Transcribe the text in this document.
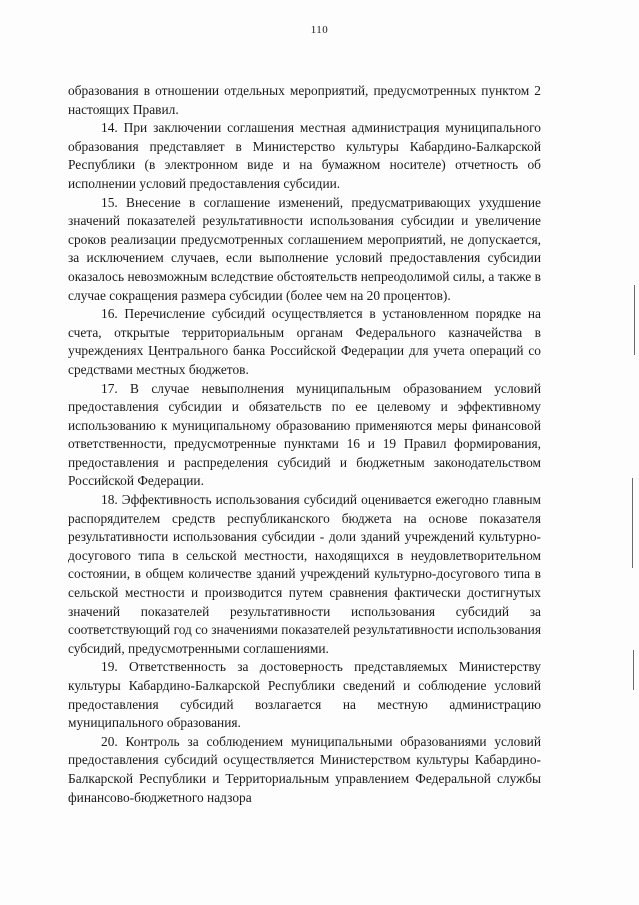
110

образования в отношении отдельных мероприятий, предусмотренных пунктом 2 настоящих Правил.

14. При заключении соглашения местная администрация муниципального образования представляет в Министерство культуры Кабардино-Балкарской Республики (в электронном виде и на бумажном носителе) отчетность об исполнении условий предоставления субсидии.

15. Внесение в соглашение изменений, предусматривающих ухудшение значений показателей результативности использования субсидии и увеличение сроков реализации предусмотренных соглашением мероприятий, не допускается, за исключением случаев, если выполнение условий предоставления субсидии оказалось невозможным вследствие обстоятельств непреодолимой силы, а также в случае сокращения размера субсидии (более чем на 20 процентов).

16. Перечисление субсидий осуществляется в установленном порядке на счета, открытые территориальным органам Федерального казначейства в учреждениях Центрального банка Российской Федерации для учета операций со средствами местных бюджетов.

17. В случае невыполнения муниципальным образованием условий предоставления субсидии и обязательств по ее целевому и эффективному использованию к муниципальному образованию применяются меры финансовой ответственности, предусмотренные пунктами 16 и 19 Правил формирования, предоставления и распределения субсидий и бюджетным законодательством Российской Федерации.

18. Эффективность использования субсидий оценивается ежегодно главным распорядителем средств республиканского бюджета на основе показателя результативности использования субсидии - доли зданий учреждений культурно-досугового типа в сельской местности, находящихся в неудовлетворительном состоянии, в общем количестве зданий учреждений культурно-досугового типа в сельской местности и производится путем сравнения фактически достигнутых значений показателей результативности использования субсидий за соответствующий год со значениями показателей результативности использования субсидий, предусмотренными соглашениями.

19. Ответственность за достоверность представляемых Министерству культуры Кабардино-Балкарской Республики сведений и соблюдение условий предоставления субсидий возлагается на местную администрацию муниципального образования.

20. Контроль за соблюдением муниципальными образованиями условий предоставления субсидий осуществляется Министерством культуры Кабардино-Балкарской Республики и Территориальным управлением Федеральной службы финансово-бюджетного надзора
